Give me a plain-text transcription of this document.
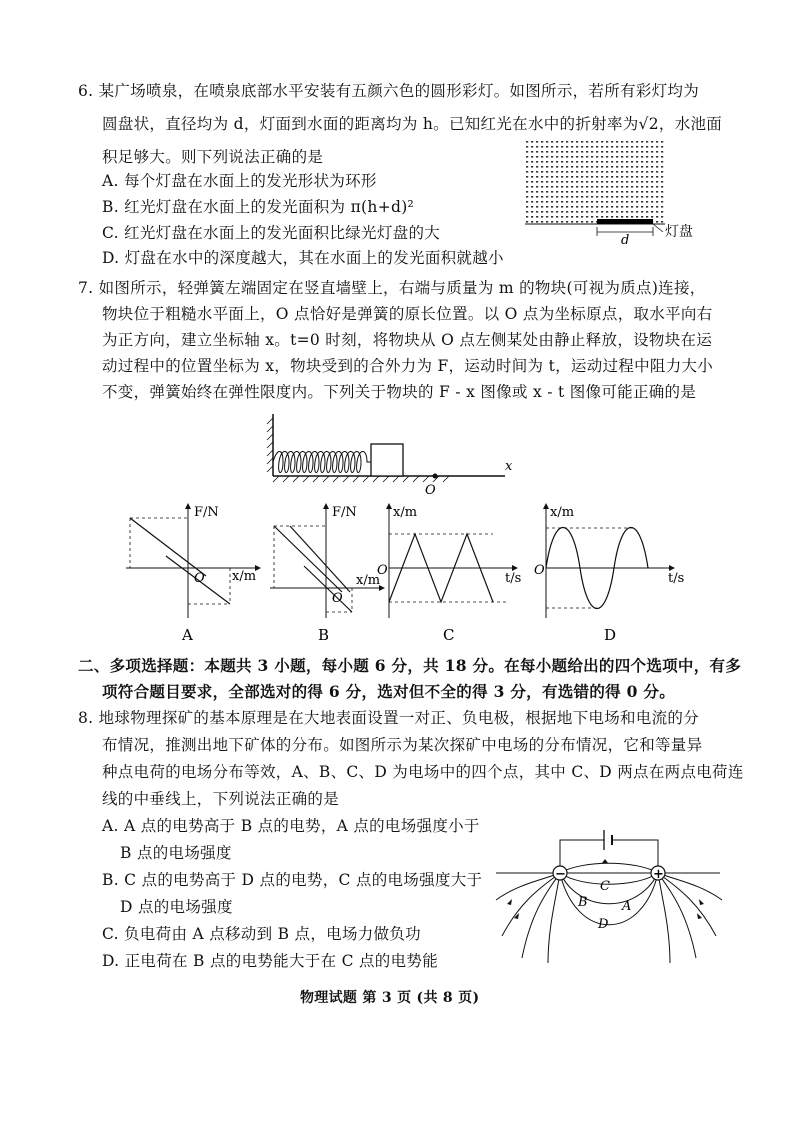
6. 某广场喷泉，在喷泉底部水平安装有五颜六色的圆形彩灯。如图所示，若所有彩灯均为
圆盘状，直径均为 d，灯面到水面的距离均为 h。已知红光在水中的折射率为√2，水池面
积足够大。则下列说法正确的是
A. 每个灯盘在水面上的发光形状为环形
B. 红光灯盘在水面上的发光面积为 π(h+d)²
C. 红光灯盘在水面上的发光面积比绿光灯盘的大
D. 灯盘在水中的深度越大，其在水面上的发光面积就越小
d
灯盘
7. 如图所示，轻弹簧左端固定在竖直墙壁上，右端与质量为 m 的物块(可视为质点)连接，
物块位于粗糙水平面上，O 点恰好是弹簧的原长位置。以 O 点为坐标原点，取水平向右
为正方向，建立坐标轴 x。t=0 时刻，将物块从 O 点左侧某处由静止释放，设物块在运
动过程中的位置坐标为 x，物块受到的合外力为 F，运动时间为 t，运动过程中阻力大小
不变，弹簧始终在弹性限度内。下列关于物块的 F - x 图像或 x - t 图像可能正确的是
O
x
F/N
x/m
O
A
F/N
x/m
O
B
x/m
t/s
O
C
x/m
t/s
O
D
二、多项选择题：本题共 3 小题，每小题 6 分，共 18 分。在每小题给出的四个选项中，有多
项符合题目要求，全部选对的得 6 分，选对但不全的得 3 分，有选错的得 0 分。
8. 地球物理探矿的基本原理是在大地表面设置一对正、负电极，根据地下电场和电流的分
布情况，推测出地下矿体的分布。如图所示为某次探矿中电场的分布情况，它和等量异
种点电荷的电场分布等效，A、B、C、D 为电场中的四个点，其中 C、D 两点在两点电荷连
线的中垂线上，下列说法正确的是
A. A 点的电势高于 B 点的电势，A 点的电场强度小于
B 点的电场强度
B. C 点的电势高于 D 点的电势，C 点的电场强度大于
D 点的电场强度
C. 负电荷由 A 点移动到 B 点，电场力做负功
D. 正电荷在 B 点的电势能大于在 C 点的电势能
−	+
C
B	A
D
物理试题 第 3 页 (共 8 页)
